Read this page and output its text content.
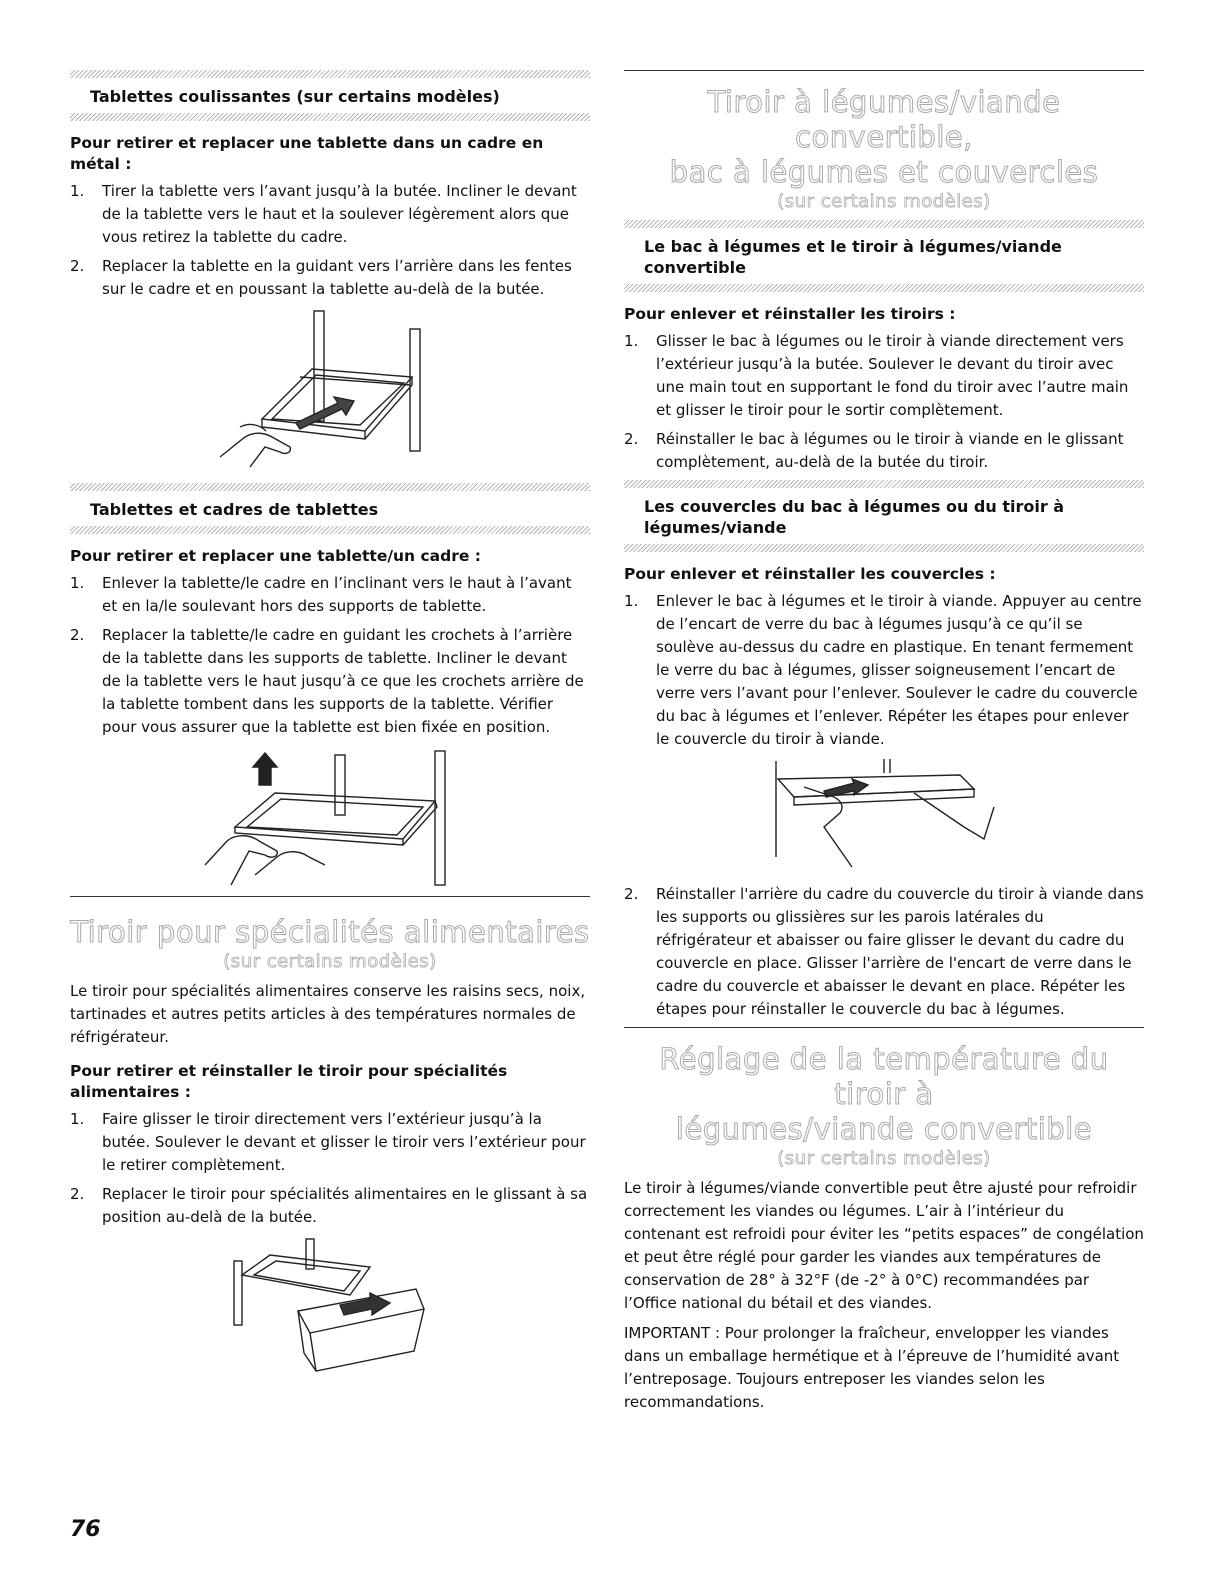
Tablettes coulissantes (sur certains modèles)
Pour retirer et replacer une tablette dans un cadre en métal :
1.	Tirer la tablette vers l’avant jusqu’à la butée. Incliner le devant de la tablette vers le haut et la soulever légèrement alors que vous retirez la tablette du cadre.
2.	Replacer la tablette en la guidant vers l’arrière dans les fentes sur le cadre et en poussant la tablette au-delà de la butée.
Tablettes et cadres de tablettes
Pour retirer et replacer une tablette/un cadre :
1.	Enlever la tablette/le cadre en l’inclinant vers le haut à l’avant et en la/le soulevant hors des supports de tablette.
2.	Replacer la tablette/le cadre en guidant les crochets à l’arrière de la tablette dans les supports de tablette. Incliner le devant de la tablette vers le haut jusqu’à ce que les crochets arrière de la tablette tombent dans les supports de la tablette. Vérifier pour vous assurer que la tablette est bien fixée en position.
Tiroir pour spécialités alimentaires
(sur certains modèles)
Le tiroir pour spécialités alimentaires conserve les raisins secs, noix, tartinades et autres petits articles à des températures normales de réfrigérateur.
Pour retirer et réinstaller le tiroir pour spécialités alimentaires :
1.	Faire glisser le tiroir directement vers l’extérieur jusqu’à la butée. Soulever le devant et glisser le tiroir vers l’extérieur pour le retirer complètement.
2.	Replacer le tiroir pour spécialités alimentaires en le glissant à sa position au-delà de la butée.
Tiroir à légumes/viande convertible,
bac à légumes et couvercles
(sur certains modèles)
Le bac à légumes et le tiroir à légumes/viande convertible
Pour enlever et réinstaller les tiroirs :
1.	Glisser le bac à légumes ou le tiroir à viande directement vers l’extérieur jusqu’à la butée. Soulever le devant du tiroir avec une main tout en supportant le fond du tiroir avec l’autre main et glisser le tiroir pour le sortir complètement.
2.	Réinstaller le bac à légumes ou le tiroir à viande en le glissant complètement, au-delà de la butée du tiroir.
Les couvercles du bac à légumes ou du tiroir à légumes/viande
Pour enlever et réinstaller les couvercles :
1.	Enlever le bac à légumes et le tiroir à viande. Appuyer au centre de l’encart de verre du bac à légumes jusqu’à ce qu’il se soulève au-dessus du cadre en plastique. En tenant fermement le verre du bac à légumes, glisser soigneusement l’encart de verre vers l’avant pour l’enlever. Soulever le cadre du couvercle du bac à légumes et l’enlever. Répéter les étapes pour enlever le couvercle du tiroir à viande.
2.	Réinstaller l'arrière du cadre du couvercle du tiroir à viande dans les supports ou glissières sur les parois latérales du réfrigérateur et abaisser ou faire glisser le devant du cadre du couvercle en place. Glisser l'arrière de l'encart de verre dans le cadre du couvercle et abaisser le devant en place. Répéter les étapes pour réinstaller le couvercle du bac à légumes.
Réglage de la température du tiroir à
légumes/viande convertible
(sur certains modèles)
Le tiroir à légumes/viande convertible peut être ajusté pour refroidir correctement les viandes ou légumes. L’air à l’intérieur du contenant est refroidi pour éviter les “petits espaces” de congélation et peut être réglé pour garder les viandes aux températures de conservation de 28° à 32°F (de -2° à 0°C) recommandées par l’Office national du bétail et des viandes.
IMPORTANT : Pour prolonger la fraîcheur, envelopper les viandes dans un emballage hermétique et à l’épreuve de l’humidité avant l’entreposage. Toujours entreposer les viandes selon les recommandations.
76
